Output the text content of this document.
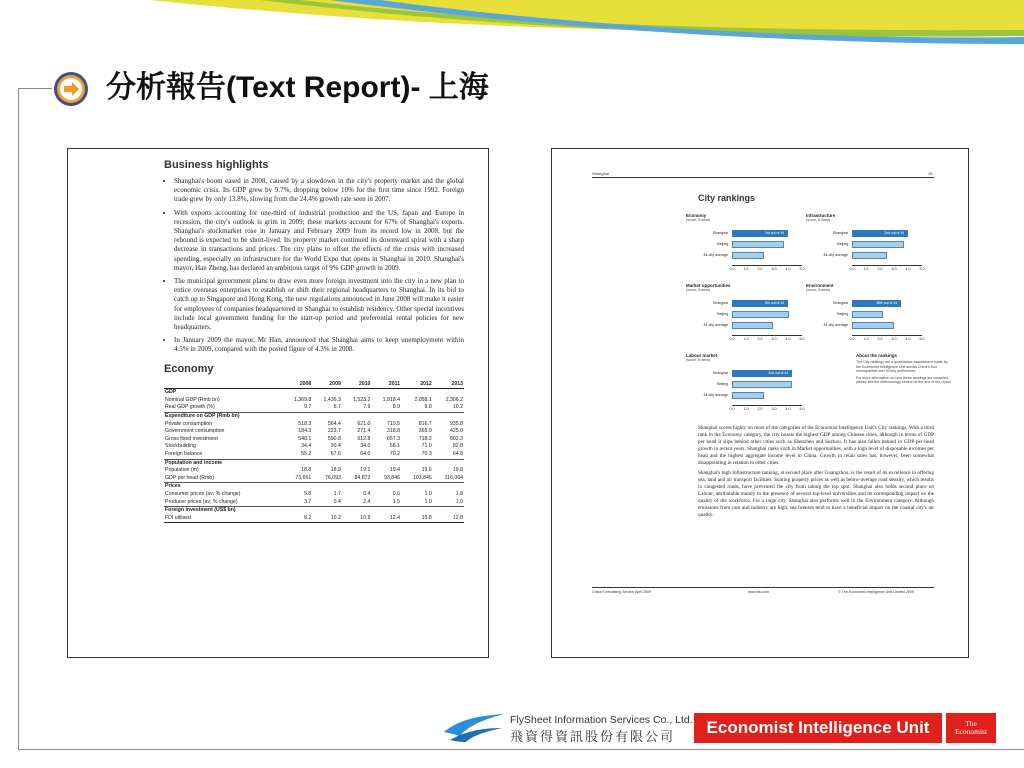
分析報告(Text Report)- 上海
Business highlights
• Shanghai's boom eased in 2008, caused by a slowdown in the city's property market and the global economic crisis. Its GDP grew by 9.7%, dropping below 10% for the first time since 1992. Foreign trade grew by only 13.8%, slowing from the 24.4% growth rate seen in 2007.
• With exports accounting for one-third of industrial production and the US, Japan and Europe in recession, the city's outlook is grim in 2009; these markets account for 67% of Shanghai's exports. Shanghai's stockmarket rose in January and February 2009 from its record low in 2008, but the rebound is expected to be short-lived. Its property market continued its downward spiral with a sharp decrease in transactions and prices. The city plans to offset the effects of the crisis with increased spending, especially on infrastructure for the World Expo that opens in Shanghai in 2010. Shanghai's mayor, Han Zheng, has declared an ambitious target of 9% GDP growth in 2009.
• The municipal government plans to draw even more foreign investment into the city in a new plan to entice overseas enterprises to establish or shift their regional headquarters to Shanghai. In its bid to catch up to Singapore and Hong Kong, the new regulations announced in June 2008 will make it easier for employees of companies headquartered in Shanghai to establish residency. Other special incentives include local government funding for the start-up period and preferential rental policies for new headquarters.
• In January 2009 the mayor, Mr Han, announced that Shanghai aims to keep unemployment within 4.5% in 2009, compared with the posted figure of 4.3% in 2008.
Economy
	2008	2009	2010	2011	2012	2013
GDP						
Nominal GDP (Rmb bn)	1,369.8	1,436.3	1,523.2	1,818.4	2,058.1	2,306.2
Real GDP growth (%)	9.7	5.7	7.9	8.9	9.8	10.2
Expenditure on GDP (Rmb bn)						
Private consumption	518.3	564.4	621.0	710.5	816.7	935.8
Government consumption	184.3	223.7	271.4	318.8	365.9	425.0
Gross fixed investment	548.1	590.8	612.8	657.3	718.2	802.3
Stockbuilding	34.4	30.4	34.0	68.1	71.0	82.8
Foreign balance	55.2	67.6	64.0	70.2	70.3	64.8
Population and income						
Population (m)	18.8	18.9	19.1	19.4	19.6	19.8
GDP per head (Rmb)	73,651	76,093	84,872	93,846	103,846	116,064
Prices						
Consumer prices (av; % change)	5.8	1.7	0.4	0.6	1.0	1.8
Producer prices (av; % change)	3.7	0.4	2.4	1.5	1.0	1.0
Foreign investment (US$ bn)						
FDI utilised	8.2	10.2	10.9	12.4	15.8	12.8
Shanghai	15
City rankings
Economy
(score; 5=best)
Shanghai	3rd out of 44
Beijing
44-city average
0.0	1.0	2.0	3.0	4.0	5.0
Infrastructure
(score; 5=best)
Shanghai	2nd out of 44
Beijing
44-city average
0.0	1.0	2.0	3.0	4.0	5.0
Market opportunities
(score; 5=best)
Shanghai	8th out of 44
Beijing
44-city average
0.0	1.0	2.0	3.0	4.0	5.0
Environment
(score; 5=best)
Shanghai	38th out of 44
Beijing
44-city average
0.0	1.0	2.0	3.0	4.0	5.0
Labour market
(score; 5=best)
Shanghai	2nd out of 44
Beijing
44-city average
0.0	1.0	2.0	3.0	4.0	5.0
About the rankings
The City rankings are a quantitative assessment made by the Economist Intelligence Unit across China's four municipalities and 40 key prefectures.
For more information on how these rankings are compiled, please see the Methodology section at the end of the report.

Shanghai scores highly on most of the categories of the Economist Intelligence Unit's City rankings. With a third rank in the Economy category, the city boasts the highest GDP among Chinese cities, although in terms of GDP per head it slips behind other cities such as Shenzhen and Suzhou. It has also fallen behind in GDP-per-head growth in recent years. Shanghai ranks sixth in Market opportunities, with a high level of disposable incomes per head and the highest aggregate income level in China. Growth in retail sales has, however, been somewhat disappointing in relation to other cities.

Shanghai's high Infrastructure ranking, at second place after Guangzhou, is the result of its excellence in offering sea, land and air transport facilities. Soaring property prices as well as below-average road density, which results in congested roads, have prevented the city from taking the top spot. Shanghai also holds second place on Labour, attributable mainly to the presence of several top-level universities and its corresponding impact on the quality of the workforce. For a large city, Shanghai also performs well in the Environment category. Although emissions from cars and industry are high, sea breezes tend to have a beneficial impact on the coastal city's air quality.

China Forecasting Service April 2009	www.eiu.com	© The Economist Intelligence Unit Limited 2009
FlySheet Information Services Co., Ltd.
飛資得資訊股份有限公司
Economist Intelligence Unit	The
Economist
